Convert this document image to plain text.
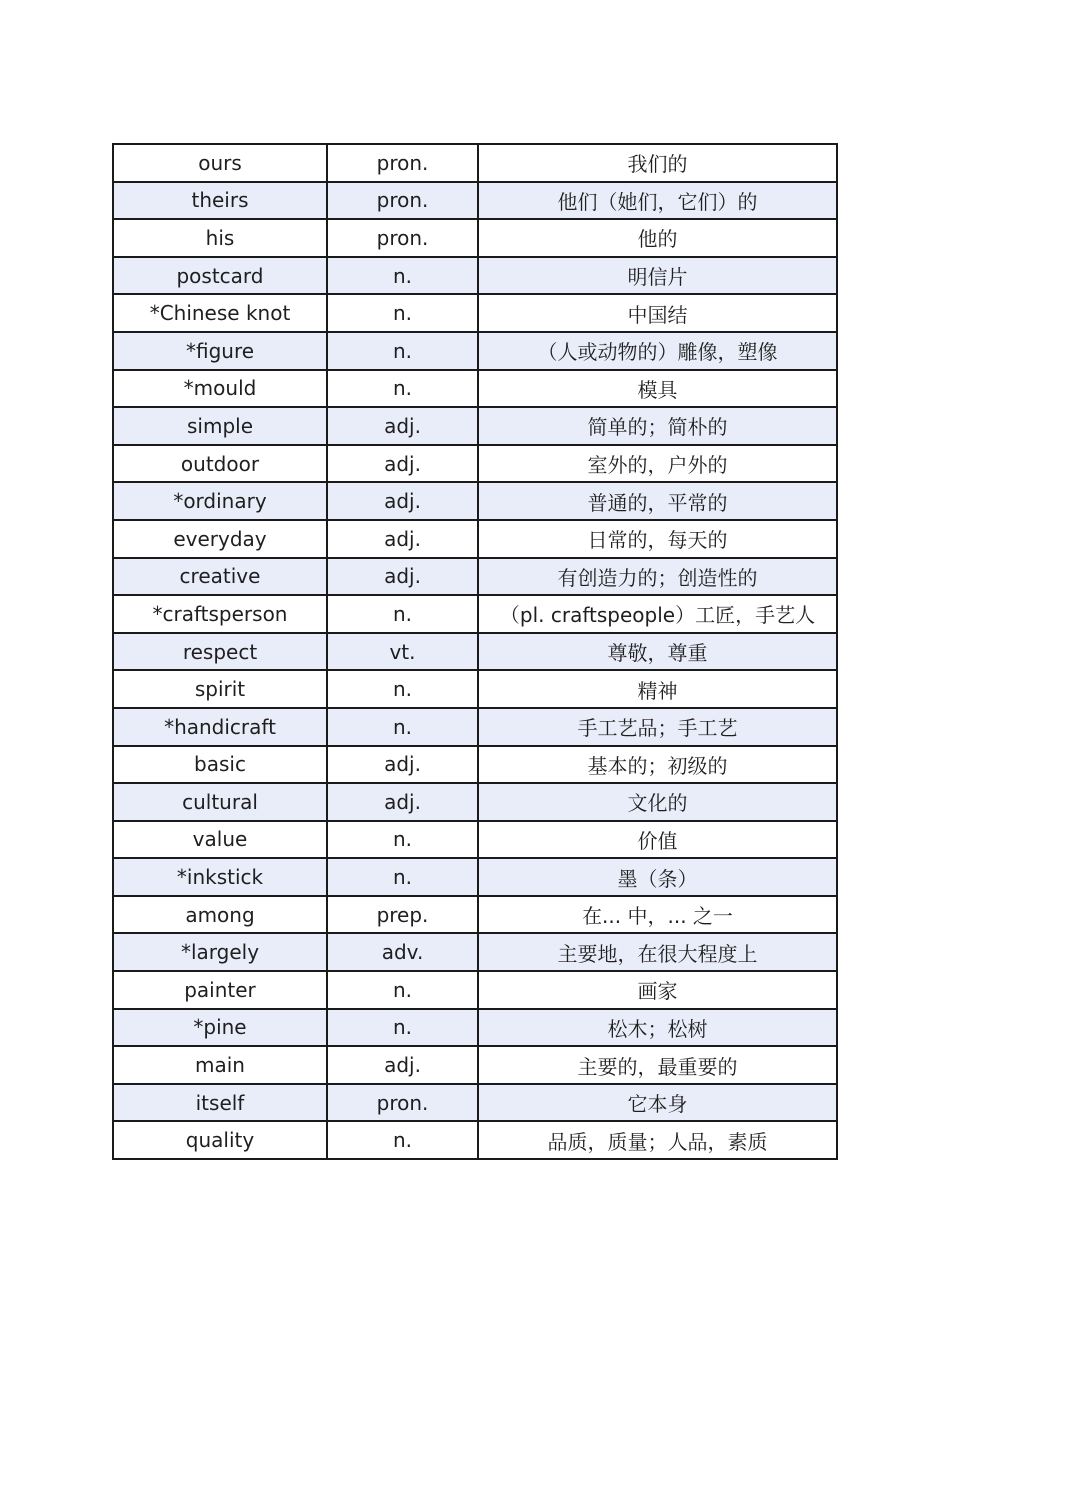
ours	pron.	我们的
theirs	pron.	他们（她们，它们）的
his	pron.	他的
postcard	n.	明信片
*Chinese knot	n.	中国结
*figure	n.	（人或动物的）雕像，塑像
*mould	n.	模具
simple	adj.	简单的；简朴的
outdoor	adj.	室外的，户外的
*ordinary	adj.	普通的，平常的
everyday	adj.	日常的，每天的
creative	adj.	有创造力的；创造性的
*craftsperson	n.	（pl. craftspeople）工匠，手艺人
respect	vt.	尊敬，尊重
spirit	n.	精神
*handicraft	n.	手工艺品；手工艺
basic	adj.	基本的；初级的
cultural	adj.	文化的
value	n.	价值
*inkstick	n.	墨（条）
among	prep.	在... 中，... 之一
*largely	adv.	主要地，在很大程度上
painter	n.	画家
*pine	n.	松木；松树
main	adj.	主要的，最重要的
itself	pron.	它本身
quality	n.	品质，质量；人品，素质
